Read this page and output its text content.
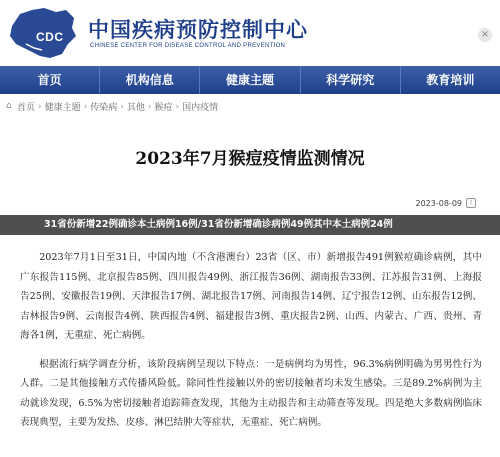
CDC 中国疾病预防控制中心
CHINESE CENTER FOR DISEASE CONTROL AND PREVENTION
×
首页	机构信息	健康主题	科学研究	教育培训
⌂ 首页 › 健康主题 › 传染病 › 其他 › 猴痘 › 国内疫情
2023年7月猴痘疫情监测情况
2023-08-09	⇪
31省份新增22例确诊本土病例16例/31省份新增确诊病例49例其中本土病例24例

2023年7月1日至31日，中国内地（不含港澳台）23省（区、市）新增报告491例猴痘确诊病例，其中广东报告115例、北京报告85例、四川报告49例、浙江报告36例、湖南报告33例、江苏报告31例、上海报告25例、安徽报告19例、天津报告17例、湖北报告17例、河南报告14例、辽宁报告12例、山东报告12例、吉林报告9例、云南报告4例、陕西报告4例、福建报告3例、重庆报告2例、山西、内蒙古、广西、贵州、青海各1例，无重症、死亡病例。

根据流行病学调查分析，该阶段病例呈现以下特点：一是病例均为男性，96.3%病例明确为男男性行为人群。二是其他接触方式传播风险低。除同性性接触以外的密切接触者均未发生感染。三是89.2%病例为主动就诊发现，6.5%为密切接触者追踪筛查发现，其他为主动报告和主动筛查等发现。四是绝大多数病例临床表现典型，主要为发热、皮疹、淋巴结肿大等症状，无重症、死亡病例。
